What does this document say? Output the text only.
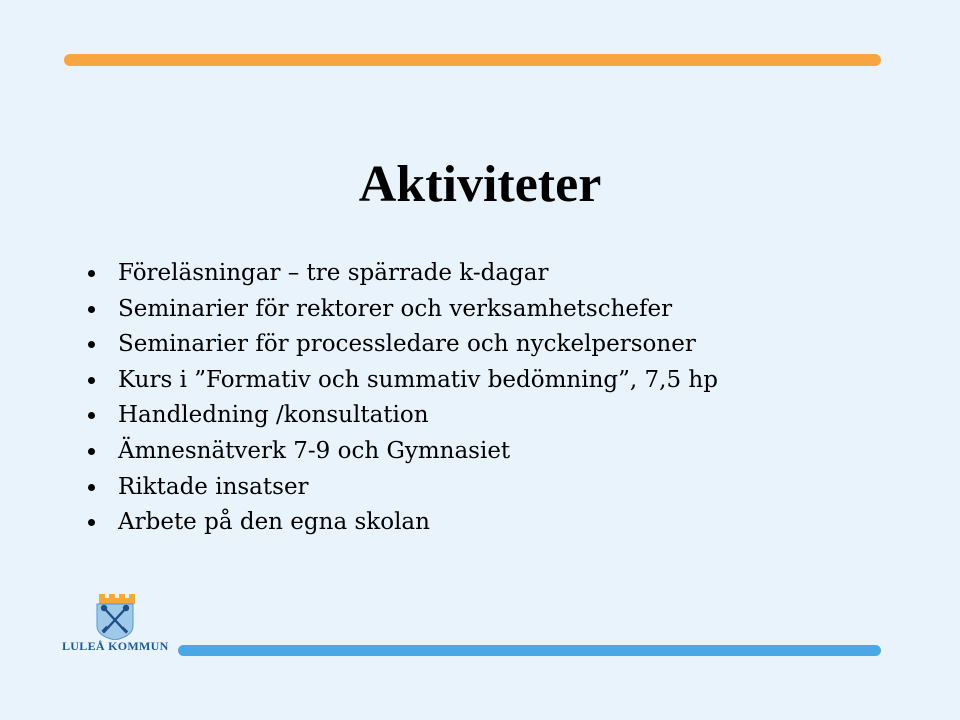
Aktiviteter
Föreläsningar – tre spärrade k-dagar
Seminarier för rektorer och verksamhetschefer
Seminarier för processledare och nyckelpersoner
Kurs i ”Formativ och summativ bedömning”, 7,5 hp
Handledning /konsultation
Ämnesnätverk 7-9 och Gymnasiet
Riktade insatser
Arbete på den egna skolan
LULEÅ KOMMUN
